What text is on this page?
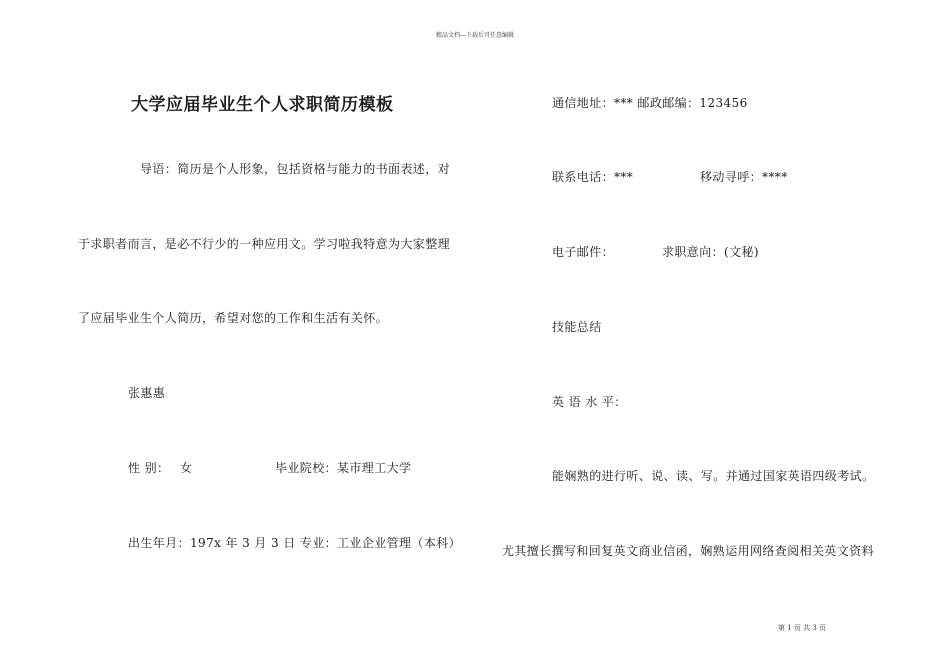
精品文档---下载后可任意编辑
大学应届毕业生个人求职简历模板
导语：简历是个人形象，包括资格与能力的书面表述，对
于求职者而言，是必不行少的一种应用文。学习啦我特意为大家整理
了应届毕业生个人简历，希望对您的工作和生活有关怀。
张惠惠
性 别： 女	毕业院校：某市理工大学
出生年月：197x 年 3 月 3 日 专业：工业企业管理（本科）
通信地址：*** 邮政邮编：123456
联系电话：***	移动寻呼：****
电子邮件：	求职意向：(文秘)
技能总结
英 语 水 平：
能娴熟的进行听、说、读、写。并通过国家英语四级考试。
尤其擅长撰写和回复英文商业信函，娴熟运用网络查阅相关英文资料
第 1 页 共 3 页
